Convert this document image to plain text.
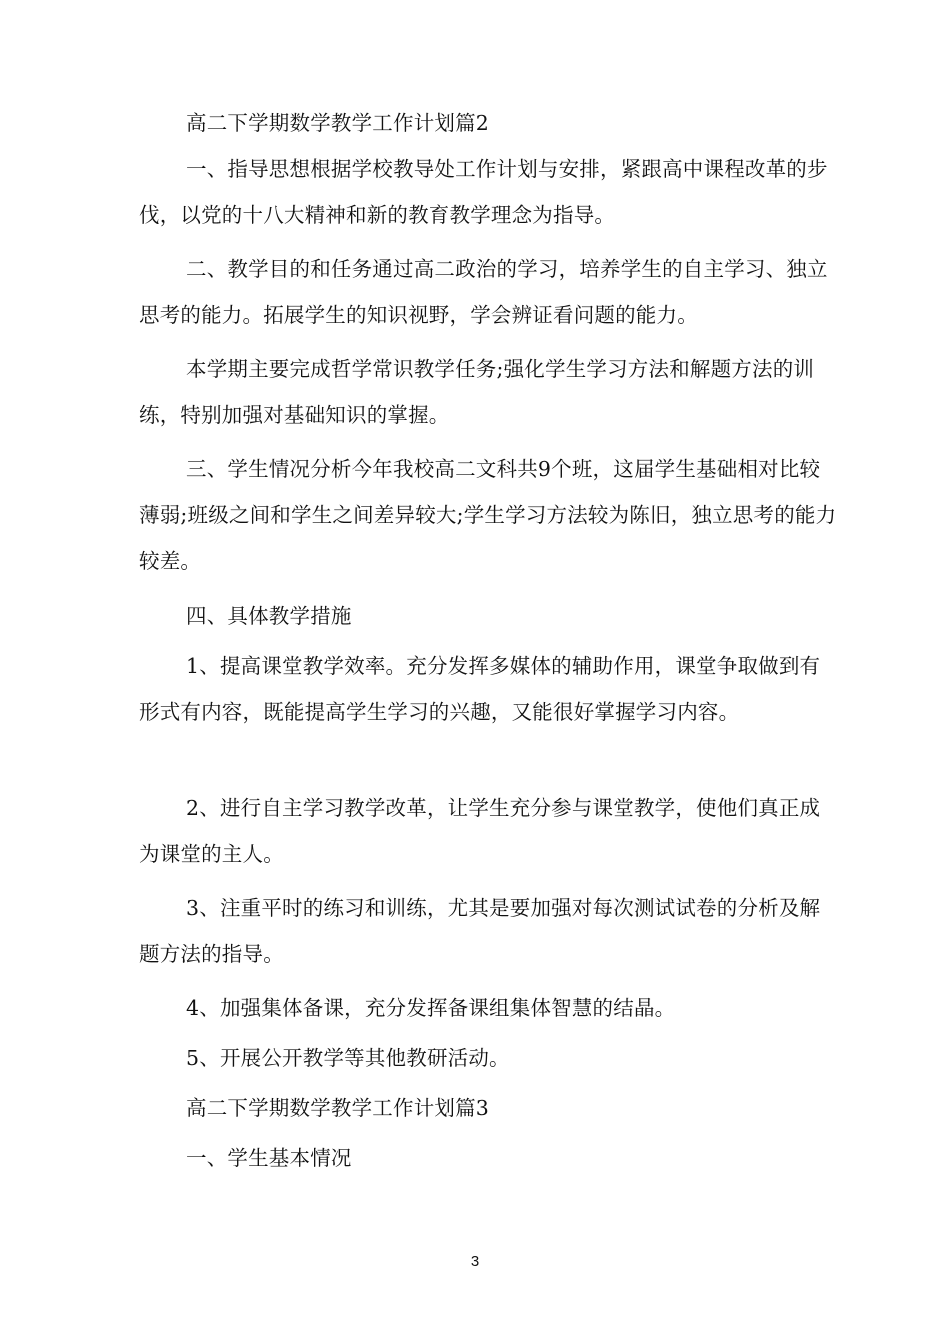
高二下学期数学教学工作计划篇2

一、指导思想根据学校教导处工作计划与安排，紧跟高中课程改革的步伐，以党的十八大精神和新的教育教学理念为指导。

二、教学目的和任务通过高二政治的学习，培养学生的自主学习、独立思考的能力。拓展学生的知识视野，学会辨证看问题的能力。

本学期主要完成哲学常识教学任务;强化学生学习方法和解题方法的训练，特别加强对基础知识的掌握。

三、学生情况分析今年我校高二文科共9个班，这届学生基础相对比较薄弱;班级之间和学生之间差异较大;学生学习方法较为陈旧，独立思考的能力较差。

四、具体教学措施

1、提高课堂教学效率。充分发挥多媒体的辅助作用，课堂争取做到有形式有内容，既能提高学生学习的兴趣，又能很好掌握学习内容。

2、进行自主学习教学改革，让学生充分参与课堂教学，使他们真正成为课堂的主人。

3、注重平时的练习和训练，尤其是要加强对每次测试试卷的分析及解题方法的指导。

4、加强集体备课，充分发挥备课组集体智慧的结晶。

5、开展公开教学等其他教研活动。

高二下学期数学教学工作计划篇3

一、学生基本情况

3
